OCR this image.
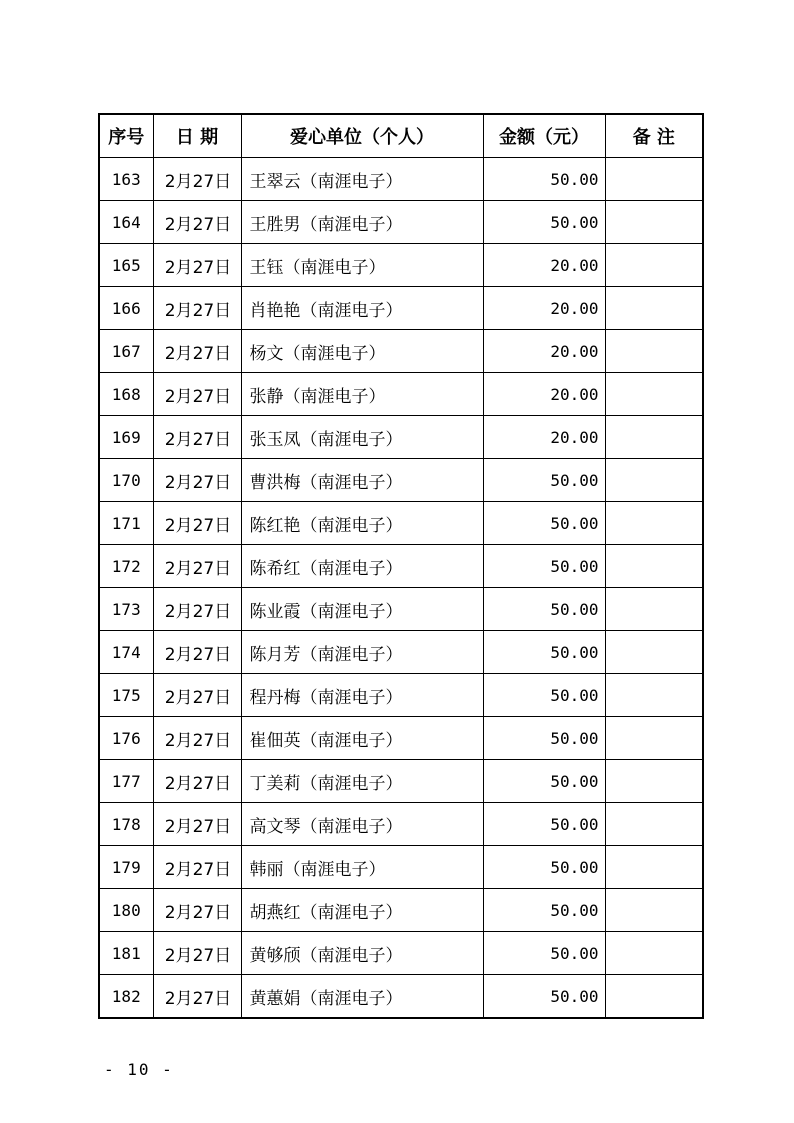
序号	日 期	爱心单位（个人）	金额（元）	备 注
163	2月27日	王翠云（南涯电子）	50.00	
164	2月27日	王胜男（南涯电子）	50.00	
165	2月27日	王钰（南涯电子）	20.00	
166	2月27日	肖艳艳（南涯电子）	20.00	
167	2月27日	杨文（南涯电子）	20.00	
168	2月27日	张静（南涯电子）	20.00	
169	2月27日	张玉凤（南涯电子）	20.00	
170	2月27日	曹洪梅（南涯电子）	50.00	
171	2月27日	陈红艳（南涯电子）	50.00	
172	2月27日	陈希红（南涯电子）	50.00	
173	2月27日	陈业霞（南涯电子）	50.00	
174	2月27日	陈月芳（南涯电子）	50.00	
175	2月27日	程丹梅（南涯电子）	50.00	
176	2月27日	崔佃英（南涯电子）	50.00	
177	2月27日	丁美莉（南涯电子）	50.00	
178	2月27日	高文琴（南涯电子）	50.00	
179	2月27日	韩丽（南涯电子）	50.00	
180	2月27日	胡燕红（南涯电子）	50.00	
181	2月27日	黄够颀（南涯电子）	50.00	
182	2月27日	黄蕙娟（南涯电子）	50.00	
- 10 -
